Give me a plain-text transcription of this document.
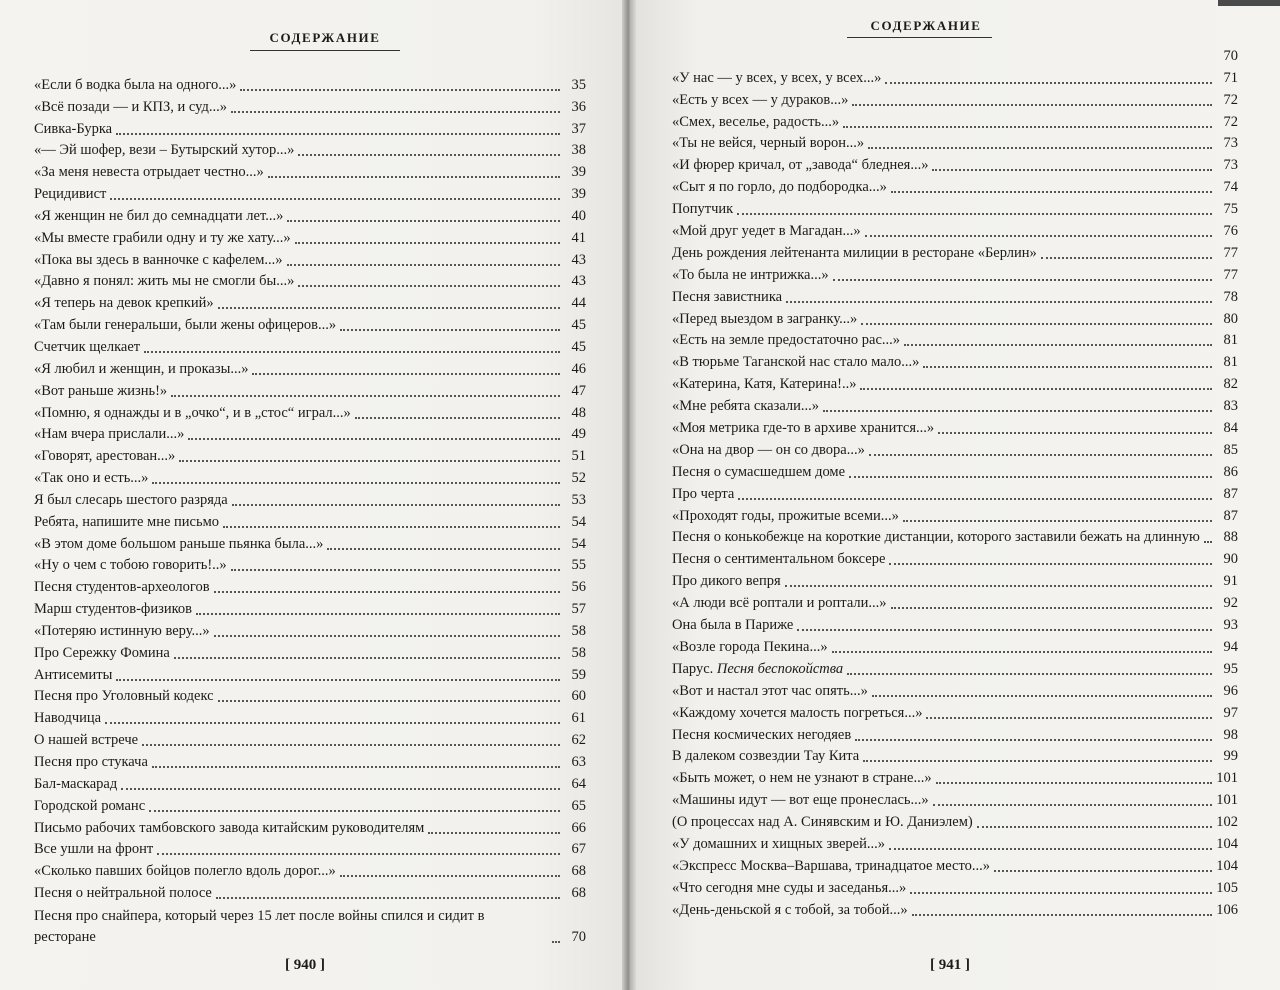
СОДЕРЖАНИЕ
«Если б водка была на одного...»	35
«Всё позади — и КПЗ, и суд...»	36
Сивка-Бурка	37
«— Эй шофер, вези – Бутырский хутор...»	38
«За меня невеста отрыдает честно...»	39
Рецидивист	39
«Я женщин не бил до семнадцати лет...»	40
«Мы вместе грабили одну и ту же хату...»	41
«Пока вы здесь в ванночке с кафелем...»	43
«Давно я понял: жить мы не смогли бы...»	43
«Я теперь на девок крепкий»	44
«Там были генеральши, были жены офицеров...»	45
Счетчик щелкает	45
«Я любил и женщин, и проказы...»	46
«Вот раньше жизнь!»	47
«Помню, я однажды и в „очко“, и в „стос“ играл...»	48
«Нам вчера прислали...»	49
«Говорят, арестован...»	51
«Так оно и есть...»	52
Я был слесарь шестого разряда	53
Ребята, напишите мне письмо	54
«В этом доме большом раньше пьянка была...»	54
«Ну о чем с тобою говорить!..»	55
Песня студентов-археологов	56
Марш студентов-физиков	57
«Потеряю истинную веру...»	58
Про Сережку Фомина	58
Антисемиты	59
Песня про Уголовный кодекс	60
Наводчица	61
О нашей встрече	62
Песня про стукача	63
Бал-маскарад	64
Городской романс	65
Письмо рабочих тамбовского завода китайским руководителям	66
Все ушли на фронт	67
«Сколько павших бойцов полегло вдоль дорог...»	68
Песня о нейтральной полосе	68
Песня про снайпера, который через 15 лет после войны спился и сидит в ресторане	70
[ 940 ]
СОДЕРЖАНИЕ
70
«У нас — у всех, у всех, у всех...»	71
«Есть у всех — у дураков...»	72
«Смех, веселье, радость...»	72
«Ты не вейся, черный ворон...»	73
«И фюрер кричал, от „завода“ бледнея...»	73
«Сыт я по горло, до подбородка...»	74
Попутчик	75
«Мой друг уедет в Магадан...»	76
День рождения лейтенанта милиции в ресторане «Берлин»	77
«То была не интрижка...»	77
Песня завистника	78
«Перед выездом в загранку...»	80
«Есть на земле предостаточно рас...»	81
«В тюрьме Таганской нас стало мало...»	81
«Катерина, Катя, Катерина!..»	82
«Мне ребята сказали...»	83
«Моя метрика где-то в архиве хранится...»	84
«Она на двор — он со двора...»	85
Песня о сумасшедшем доме	86
Про черта	87
«Проходят годы, прожитые всеми...»	87
Песня о конькобежце на короткие дистанции, которого заставили бежать на длинную	88
Песня о сентиментальном боксере	90
Про дикого вепря	91
«А люди всё роптали и роптали...»	92
Она была в Париже	93
«Возле города Пекина...»	94
Парус. Песня беспокойства	95
«Вот и настал этот час опять...»	96
«Каждому хочется малость погреться...»	97
Песня космических негодяев	98
В далеком созвездии Тау Кита	99
«Быть может, о нем не узнают в стране...»	101
«Машины идут — вот еще пронеслась...»	101
(О процессах над А. Синявским и Ю. Даниэлем)	102
«У домашних и хищных зверей...»	104
«Экспресс Москва–Варшава, тринадцатое место...»	104
«Что сегодня мне суды и заседанья...»	105
«День-деньской я с тобой, за тобой...»	106
[ 941 ]
